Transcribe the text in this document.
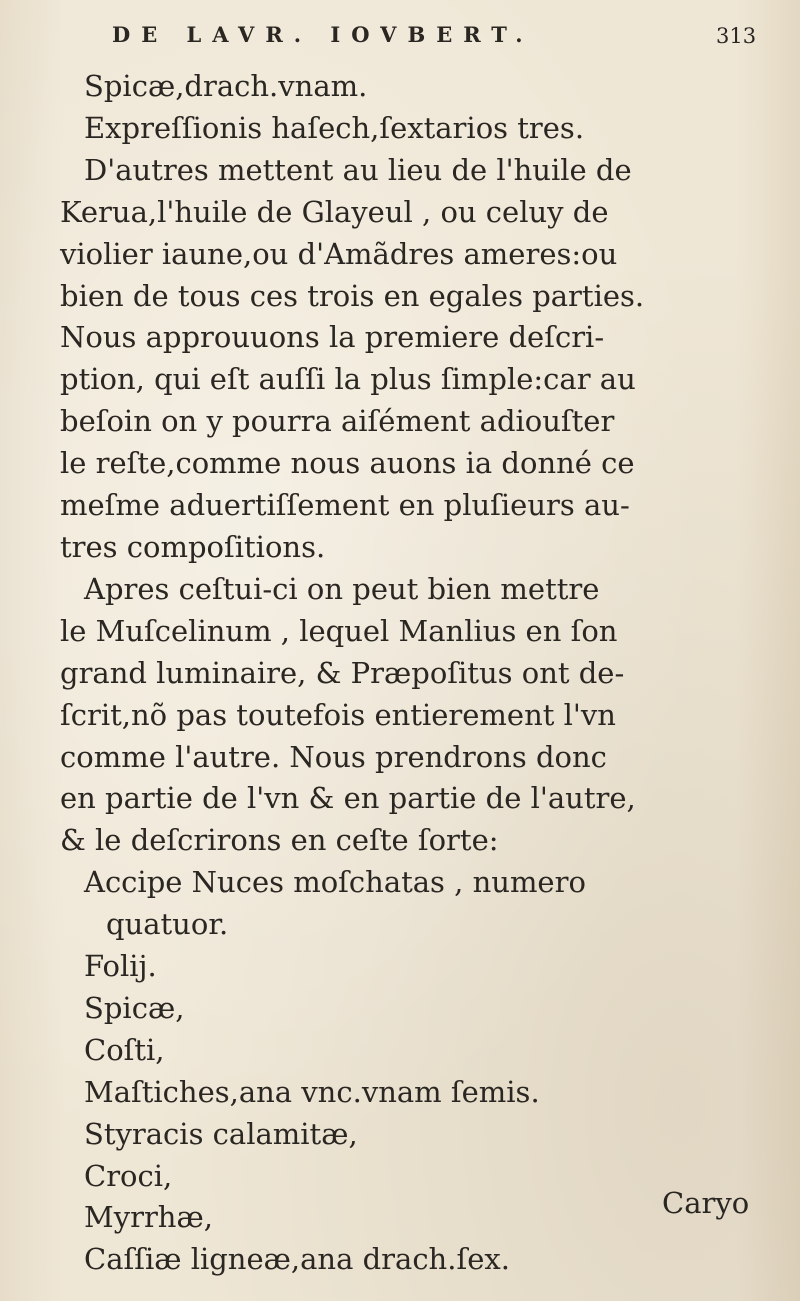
DE LAVR. IOVBERT.	313
Spicæ,drach.vnam.
Expreſſionis haſech,ſextarios tres.
D'autres mettent au lieu de l'huile de
Kerua,l'huile de Glayeul , ou celuy de
violier iaune,ou d'Amãdres ameres:ou
bien de tous ces trois en egales parties.
Nous approuuons la premiere deſcri-
ption, qui eſt auſſi la plus ſimple:car au
beſoin on y pourra aiſément adiouſter
le reſte,comme nous auons ia donné ce
meſme aduertiſſement en pluſieurs au-
tres compoſitions.
Apres ceſtui-ci on peut bien mettre
le Muſcelinum , lequel Manlius en ſon
grand luminaire, & Præpoſitus ont de-
ſcrit,nõ pas toutefois entierement l'vn
comme l'autre. Nous prendrons donc
en partie de l'vn & en partie de l'autre,
& le deſcrirons en ceſte ſorte:
Accipe Nuces moſchatas , numero
quatuor.
Folij.
Spicæ,
Coſti,
Maſtiches,ana vnc.vnam ſemis.
Styracis calamitæ,
Croci,
Myrrhæ,
Caſſiæ ligneæ,ana drach.ſex.
Caryo
